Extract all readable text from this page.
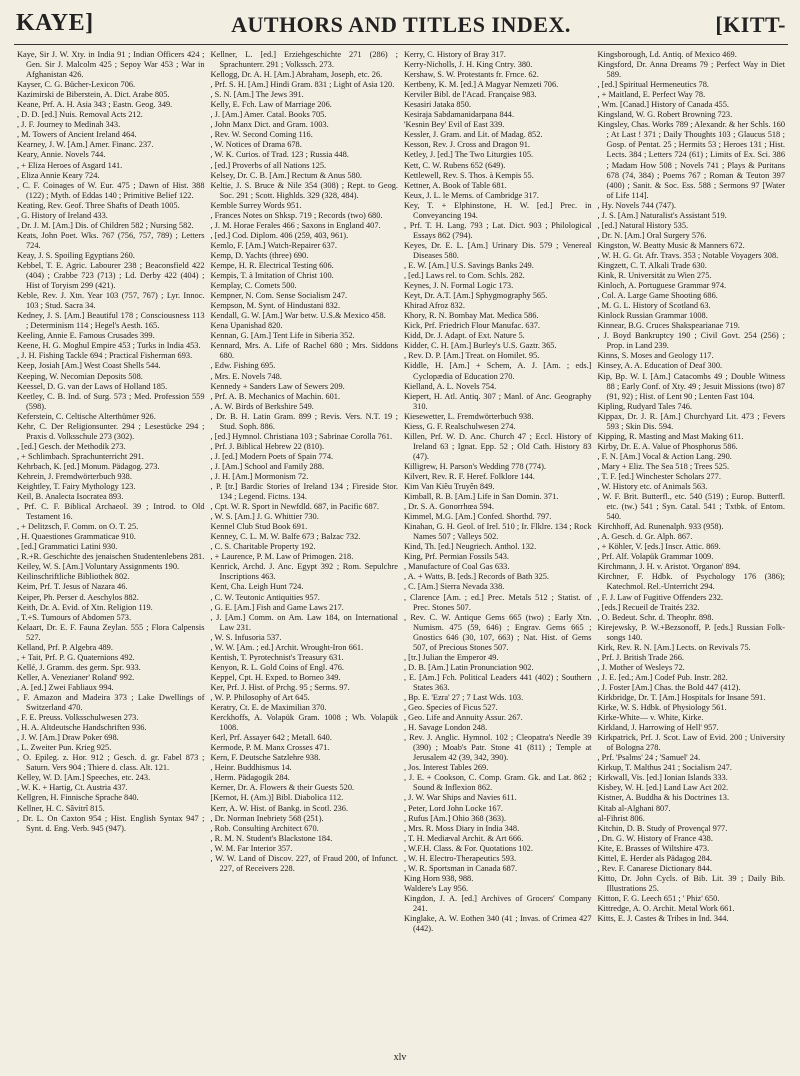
KAYE]	AUTHORS AND TITLES INDEX.	[KITT-

Kaye, Sir J. W. Xty. in India 91 ; Indian Officers 424 ; Gen. Sir J. Malcolm 425 ; Sepoy War 453 ; War in Afghanistan 426.

Kayser, C. G. Bücher-Lexicon 706.

Kazimirski de Biberstein, A. Dict. Arabe 805.

Keane, Prf. A. H. Asia 343 ; Eastn. Geog. 349.

, D. D. [ed.] Nuis. Removal Acts 212.

, J. F. Journey to Medinah 343.

, M. Towers of Ancient Ireland 464.

Kearney, J. W. [Am.] Amer. Financ. 237.

Keary, Annie. Novels 744.

, + Eliza Heroes of Asgard 141.

, Eliza Annie Keary 724.

, C. F. Coinages of W. Eur. 475 ; Dawn of Hist. 388 (122) ; Myth. of Eddas 140 ; Primitive Belief 122.

Keating, Rev. Geof. Three Shafts of Death 1005.

, G. History of Ireland 433.

, Dr. J. M. [Am.] Dis. of Children 582 ; Nursing 582.

Keats, John Poet. Wks. 767 (756, 757, 789) ; Letters 724.

Keay, J. S. Spoiling Egyptians 260.

Kebbel, T. E. Agric. Labourer 238 ; Beaconsfield 422 (404) ; Crabbe 723 (713) ; Ld. Derby 422 (404) ; Hist of Toryism 299 (421).

Keble, Rev. J. Xtn. Year 103 (757, 767) ; Lyr. Innoc. 103 ; Stud. Sacra 34.

Kedney, J. S. [Am.] Beautiful 178 ; Consciousness 113 ; Determinism 114 ; Hegel's Aesth. 165.

Keeling, Annie E. Famous Crusades 399.

Keene, H. G. Moghul Empire 453 ; Turks in India 453.

, J. H. Fishing Tackle 694 ; Practical Fisherman 693.

Keep, Josiah [Am.] West Coast Shells 544.

Keeping, W. Necomian Deposits 508.

Keessel, D. G. van der Laws of Holland 185.

Keetley, C. B. Ind. of Surg. 573 ; Med. Profession 559 (598).

Keferstein, C. Celtische Alterthümer 926.

Kehr, C. Der Religionsunter. 294 ; Lesestücke 294 ; Praxis d. Volksschule 273 (302).

, [ed.] Gesch. der Methodik 273.

, + Schlimbach. Sprachunterricht 291.

Kehrbach, K. [ed.] Monum. Pädagog. 273.

Kehrein, J. Fremdwörterbuch 938.

Keightley, T. Fairy Mythology 123.

Keil, B. Analecta Isocratea 893.

, Prf. C. F. Biblical Archaeol. 39 ; Introd. to Old Testament 16.

, + Delitzsch, F. Comm. on O. T. 25.

, H. Quaestiones Grammaticae 910.

, [ed.] Grammatici Latini 930.

, R.+R. Geschichte des jenaischen Studentenlebens 281.

Keiley, W. S. [Am.] Voluntary Assignments 190.

Keilinschriftliche Bibliothek 802.

Keim, Prf. T. Jesus of Nazara 46.

Keiper, Ph. Perser d. Aeschylos 882.

Keith, Dr. A. Evid. of Xtn. Religion 119.

, T.+S. Tumours of Abdomen 573.

Kelaart, Dr. E. F. Fauna Zeylan. 555 ; Flora Calpensis 527.

Kelland, Prf. P. Algebra 489.

, + Tait, Prf. P. G. Quaternions 492.

Kellé, J. Gramm. des germ. Spr. 933.

Keller, A. Venezianer' Roland' 992.

, A. [ed.] Zwei Fabliaux 994.

, F. Amazon and Madeira 373 ; Lake Dwellings of Switzerland 470.

, F. E. Preuss. Volksschulwesen 273.

, H. A. Altdeutsche Handschriften 936.

, J. W. [Am.] Draw Poker 698.

, L. Zweiter Pun. Krieg 925.

, O. Epileg. z. Hor. 912 ; Gesch. d. gr. Fabel 873 ; Saturn. Vers 904 ; Thiere d. class. Alt. 121.

Kelley, W. D. [Am.] Speeches, etc. 243.

, W. K. + Hartig, Ct. Austria 437.

Kellgren, H. Finnische Sprache 840.

Kellner, H. C. Sâvitrî 815.

, Dr. L. On Caxton 954 ; Hist. English Syntax 947 ; Synt. d. Eng. Verb. 945 (947).

Kellner, L. [ed.] Erziehgeschichte 271 (286) ; Sprachunterr. 291 ; Volkssch. 273.

Kellogg, Dr. A. H. [Am.] Abraham, Joseph, etc. 26.

, Prf. S. H. [Am.] Hindi Gram. 831 ; Light of Asia 120.

, S. N. [Am.] The Jews 391.

Kelly, E. Fch. Law of Marriage 206.

, J. [Am.] Amer. Catal. Books 705.

, John Manx Dict. and Gram. 1003.

, Rev. W. Second Coming 116.

, W. Notices of Drama 678.

, W. K. Curios. of Trad. 123 ; Russia 448.

, [ed.] Proverbs of all Nations 125.

Kelsey, Dr. C. B. [Am.] Rectum & Anus 580.

Keltie, J. S. Bruce & Nile 354 (308) ; Rept. to Geog. Soc. 291 ; Scott. Highlds. 329 (328, 484).

Kemble Surrey Words 951.

, Frances Notes on Shksp. 719 ; Records (two) 680.

, J. M. Horae Ferales 466 ; Saxons in England 407.

, [ed.] Cod. Diplom. 406 (259, 403, 961).

Kemlo, F. [Am.] Watch-Repairer 637.

Kemp, D. Yachts (three) 690.

Kempe, H. R. Electrical Testing 606.

Kempis, T. à Imitation of Christ 100.

Kemplay, C. Comets 500.

Kempner, N. Com. Sense Socialism 247.

Kempson, M. Synt. of Hindustani 832.

Kendall, G. W. [Am.] War betw. U.S.& Mexico 458.

Kena Upanishad 820.

Kennan, G. [Am.] Tent Life in Siberia 352.

Kennard, Mrs. A. Life of Rachel 680 ; Mrs. Siddons 680.

, Edw. Fishing 695.

, Mrs. E. Novels 748.

Kennedy + Sanders Law of Sewers 209.

, Prf. A. B. Mechanics of Machin. 601.

, A. W. Birds of Berkshire 549.

, Dr. B. H. Latin Gram. 899 ; Revis. Vers. N.T. 19 ; Stud. Soph. 886.

, [ed.] Hymnol. Christiana 103 ; Sabrinae Corolla 761.

, Prf. J. Biblical Hebrew 22 (810).

, J. [ed.] Modern Poets of Spain 774.

, J. [Am.] School and Family 288.

, J. H. [Am.] Mormonism 72.

, P. [tr.] Bardic Stories of Ireland 134 ; Fireside Stor. 134 ; Legend. Fictns. 134.

, Cpt. W. R. Sport in Newfdld. 687, in Pacific 687.

, W. S. [Am.] J. G. Whittier 730.

Kennel Club Stud Book 691.

Kenney, C. L. M. W. Balfe 673 ; Balzac 732.

, C. S. Charitable Property 192.

, + Laurence, P. M. Law of Primogen. 218.

Kenrick, Archd. J. Anc. Egypt 392 ; Rom. Sepulchre Inscriptions 463.

Kent, Cha. Leigh Hunt 724.

, C. W. Teutonic Antiquities 957.

, G. E. [Am.] Fish and Game Laws 217.

, J. [Am.] Comm. on Am. Law 184, on International Law 231.

, W. S. Infusoria 537.

, W. W. [Am. ; ed.] Archit. Wrought-Iron 661.

Kentish, T. Pyrotechnist's Treasury 631.

Kenyon, R. L. Gold Coins of Engl. 476.

Keppel, Cpt. H. Exped. to Borneo 349.

Ker, Prf. J. Hist. of Prchg. 95 ; Serms. 97.

, W. P. Philosophy of Art 645.

Keratry, Ct. E. de Maximilian 370.

Kerckhoffs, A. Volapük Gram. 1008 ; Wb. Volapük 1008.

Kerl, Prf. Assayer 642 ; Metall. 640.

Kermode, P. M. Manx Crosses 471.

Kern, F. Deutsche Satzlehre 938.

, Heinr. Buddhismus 14.

, Herm. Pädagogik 284.

Kerner, Dr. A. Flowers & their Guests 520.

[Kernot, H. (Am.)] Bibl. Diabolica 112.

Kerr, A. W. Hist. of Bankg. in Scotl. 236.

, Dr. Norman Inebriety 568 (251).

, Rob. Consulting Architect 670.

, R. M. N. Student's Blackstone 184.

, W. M. Far Interior 357.

, W. W. Land of Discov. 227, of Fraud 200, of Infunct. 227, of Receivers 228.

Kerry, C. History of Bray 317.

Kerry-Nicholls, J. H. King Cntry. 380.

Kershaw, S. W. Protestants fr. Frnce. 62.

Kertbeny, K. M. [ed.] A Magyar Nemzeti 706.

Kerviler Bibl. de l'Acad. Française 983.

Kesasiri Jataka 850.

Kesiraja Sabdamanidarpana 844.

'Kesnin Bey' Evil of East 339.

Kessler, J. Gram. and Lit. of Madag. 852.

Kesson, Rev. J. Cross and Dragon 91.

Ketley, J. [ed.] The Two Liturgies 105.

Kett, C. W. Rubens 652 (649).

Kettlewell, Rev. S. Thos. à Kempis 55.

Kettner, A. Book of Table 681.

Keux, J. L. le Mems. of Cambridge 317.

Key, T. + Elphinstone, H. W. [ed.] Prec. in Conveyancing 194.

, Prf. T. H. Lang. 793 ; Lat. Dict. 903 ; Philological Essays 862 (794).

Keyes, Dr. E. L. [Am.] Urinary Dis. 579 ; Venereal Diseases 580.

, E. W. [Am.] U.S. Savings Banks 249.

, [ed.] Laws rel. to Com. Schls. 282.

Keynes, J. N. Formal Logic 173.

Keyt, Dr. A.T. [Am.] Sphygmography 565.

Khirad Afroz 832.

Khory, R. N. Bombay Mat. Medica 586.

Kick, Prf. Friedrich Flour Manufac. 637.

Kidd, Dr. J. Adapt. of Ext. Nature 5.

Kidder, C. H. [Am.] Burley's U.S. Gaztr. 365.

, Rev. D. P. [Am.] Treat. on Homilet. 95.

Kiddle, H. [Am.] + Schem, A. J. [Am. ; eds.] Cyclopædia of Education 270.

Kielland, A. L. Novels 754.

Kiepert, H. Atl. Antiq. 307 ; Manl. of Anc. Geography 310.

Kiesewetter, L. Fremdwörterbuch 938.

Kiess, G. F. Realschulwesen 274.

Killen, Prf. W. D. Anc. Church 47 ; Eccl. History of Ireland 63 ; Ignat. Epp. 52 ; Old Cath. History 83 (47).

Killigrew, H. Parson's Wedding 778 (774).

Kilvert, Rev. R. F. Heref. Folklore 144.

Kim Van Kiêu Truyên 849.

Kimball, R. B. [Am.] Life in San Domin. 371.

, Dr. S. A. Gonorrhœa 594.

Kimmel, M.G. [Am.] Confed. Shorthd. 797.

Kinahan, G. H. Geol. of Irel. 510 ; Ir. Flklre. 134 ; Rock Names 507 ; Valleys 502.

Kind, Th. [ed.] Neugriech. Anthol. 132.

King, Prf. Permian Fossils 543.

, Manufacture of Coal Gas 633.

, A. + Watts, B. [eds.] Records of Bath 325.

, C. [Am.] Sierra Nevada 338.

, Clarence [Am. ; ed.] Prec. Metals 512 ; Statist. of Prec. Stones 507.

, Rev. C. W. Antique Gems 665 (two) ; Early Xtn. Numism. 475 (59, 646) ; Engrav. Gems 665 ; Gnostics 646 (30, 107, 663) ; Nat. Hist. of Gems 507, of Precious Stones 507.

, [tr.] Julian the Emperor 49.

, D. B. [Am.] Latin Pronunciation 902.

, E. [Am.] Fch. Political Leaders 441 (402) ; Southern States 363.

, Bp. E. 'Ezra' 27 ; 7 Last Wds. 103.

, Geo. Species of Ficus 527.

, Geo. Life and Annuity Assur. 267.

, H. Savage London 248.

, Rev. J. Anglic. Hymnol. 102 ; Cleopatra's Needle 39 (390) ; Moab's Patr. Stone 41 (811) ; Temple at Jerusalem 42 (39, 342, 390).

, Jos. Interest Tables 269.

, J. E. + Cookson, C. Comp. Gram. Gk. and Lat. 862 ; Sound & Inflexion 862.

, J. W. War Ships and Navies 611.

, Peter, Lord John Locke 167.

, Rufus [Am.] Ohio 368 (363).

, Mrs. R. Moss Diary in India 348.

, T. H. Mediæval Archit. & Art 666.

, W.F.H. Class. & For. Quotations 102.

, W. H. Electro-Therapeutics 593.

, W. R. Sportsman in Canada 687.

King Horn 938, 988.

Waldere's Lay 956.

Kingdon, J. A. [ed.] Archives of Grocers' Company 241.

Kinglake, A. W. Eothen 340 (41 ; Invas. of Crimea 427 (442).

Kingsborough, Ld. Antiq. of Mexico 469.

Kingsford, Dr. Anna Dreams 79 ; Perfect Way in Diet 589.

, [ed.] Spiritual Hermeneutics 78.

, + Maitland, E. Perfect Way 78.

, Wm. [Canad.] History of Canada 455.

Kingsland, W. G. Robert Browning 723.

Kingsley, Chas. Works 789 ; Alexandr. & her Schls. 160 ; At Last ! 371 ; Daily Thoughts 103 ; Glaucus 518 ; Gosp. of Pentat. 25 ; Hermits 53 ; Heroes 131 ; Hist. Lects. 384 ; Letters 724 (61) ; Limits of Ex. Sci. 386 ; Madam How 508 ; Novels 741 ; Plays & Puritans 678 (74, 384) ; Poems 767 ; Roman & Teuton 397 (400) ; Sanit. & Soc. Ess. 588 ; Sermons 97 [Water of Life 114].

, Hy. Novels 744 (747).

, J. S. [Am.] Naturalist's Assistant 519.

, [ed.] Natural History 535.

, Dr. N. [Am.] Oral Surgery 576.

Kingston, W. Beatty Music & Manners 672.

, W. H. G. Gt. Afr. Travs. 353 ; Notable Voyagers 308.

Kingzett, C. T. Alkali Trade 630.

Kink, R. Universität zu Wien 275.

Kinloch, A. Portuguese Grammar 974.

, Col. A. Large Game Shooting 686.

, M. G. L. History of Scotland 63.

Kinlock Russian Grammar 1008.

Kinnear, B.G. Cruces Shakspearianae 719.

, J. Boyd Bankruptcy 190 ; Civil Govt. 254 (256) ; Prop. in Land 239.

Kinns, S. Moses and Geology 117.

Kinsey, A. A. Education of Deaf 300.

Kip, Bp. W. I. [Am.] Catacombs 49 ; Double Witness 88 ; Early Conf. of Xty. 49 ; Jesuit Missions (two) 87 (91, 92) ; Hist. of Lent 90 ; Lenten Fast 104.

Kipling, Rudyard Tales 746.

Kippax, Dr. J. R. [Am.] Churchyard Lit. 473 ; Fevers 593 ; Skin Dis. 594.

Kipping, R. Masting and Mast Making 611.

Kirby, Dr. E. A. Value of Phosphorus 586.

, F. N. [Am.] Vocal & Action Lang. 290.

, Mary + Eliz. The Sea 518 ; Trees 525.

, T. F. [ed.] Winchester Scholars 277.

, W. History etc. of Animals 563.

, W. F. Brit. Butterfl., etc. 540 (519) ; Europ. Butterfl. etc. (tw.) 541 ; Syn. Catal. 541 ; Txtbk. of Entom. 540.

Kirchhoff, Ad. Runenalph. 933 (958).

, A. Gesch. d. Gr. Alph. 867.

, + Köhler, V. [eds.] Inscr. Attic. 869.

, Prf. Alf. Volapük Grammar 1009.

Kirchmann, J. H. v. Aristot. 'Organon' 894.

Kirchner, F. Hdbk. of Psychology 176 (386); Katechmol. Rel.-Unterricht 294.

, F. J. Law of Fugitive Offenders 232.

, [eds.] Recueil de Traités 232.

, O. Bedeut. Schr. d. Theophr. 898.

Kirejewsky, P. W.+Bezsonoff, P. [eds.] Russian Folk-songs 140.

Kirk, Rev. R. N. [Am.] Lects. on Revivals 75.

, Prf. J. British Trade 266.

, J. Mother of Wesleys 72.

, J. E. [ed.; Am.] Codef Pub. Instr. 282.

, J. Foster [Am.] Chas. the Bold 447 (412).

Kirkbridge, Dr. T. [Am.] Hospitals for Insane 591.

Kirke, W. S. Hdbk. of Physiology 561.

Kirke-White— v. White, Kirke.

Kirkland, J. Harrowing of Hell' 957.

Kirkpatrick, Prf. J. Scot. Law of Evid. 200 ; University of Bologna 278.

, Prf. 'Psalms' 24 ; 'Samuel' 24.

Kirkup, T. Malthus 241 ; Socialism 247.

Kirkwall, Vis. [ed.] Ionian Islands 333.

Kisbey, W. H. [ed.] Land Law Act 202.

Kistner, A. Buddha & his Doctrines 13.

Kitab al-Alghani 807.

al-Fihrist 806.

Kitchin, D. B. Study of Provençal 977.

, Dn. G. W. History of France 438.

Kite, E. Brasses of Wiltshire 473.

Kittel, E. Herder als Pädagog 284.

, Rev. F. Canarese Dictionary 844.

Kitto, Dr. John Cycls. of Bib. Lit. 39 ; Daily Bib. Illustrations 25.

Kitton, F. G. Leech 651 ; ' Phiz' 650.

Kittredge, A. O. Archit. Metal Work 661.

Kitts, E. J. Castes & Tribes in Ind. 344.

xlv
